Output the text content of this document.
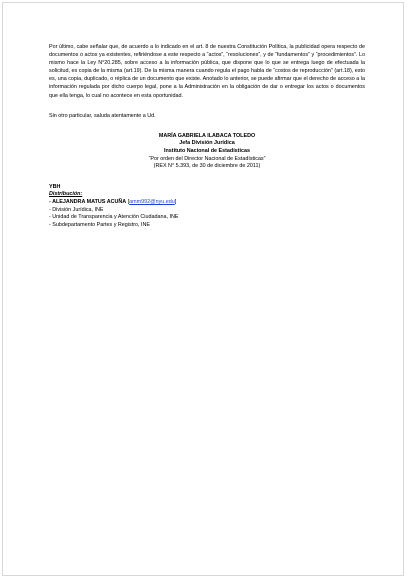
Por último, cabe señalar que, de acuerdo a lo indicado en el art. 8 de nuestra Constitución Política, la publicidad opera respecto de documentos o actos ya existentes, refiriéndose a este respecto a “actos”, “resoluciones”, y de “fundamentos” y “procedimientos”. Lo mismo hace la Ley N°20.285, sobre acceso a la información pública, que dispone que lo que se entrega luego de efectuada la solicitud, es copia de la misma (art.19). De la misma manera cuando regula el pago habla de “costos de reproducción” (art.18), esto es, una copia, duplicado, o réplica de un documento que existe. Anotado lo anterior, se puede afirmar que el derecho de acceso a la información regulada por dicho cuerpo legal, pone a la Administración en la obligación de dar o entregar los actos o documentos que ella tenga, lo cual no acontece en esta oportunidad.

Sin otro particular, saluda atentamente a Ud.

MARÍA GABRIELA ILABACA TOLEDO
Jefa División Jurídica
Instituto Nacional de Estadísticas
“Por orden del Director Nacional de Estadísticas”
(REX N° 5.393, de 30 de diciembre de 2011)
YBH
Distribución:
- ALEJANDRA MATUS ACUÑA [amm992@nyu.edu]
- División Jurídica, INE
- Unidad de Transparencia y Atención Ciudadana, INE
- Subdepartamento Partes y Registro, INE
